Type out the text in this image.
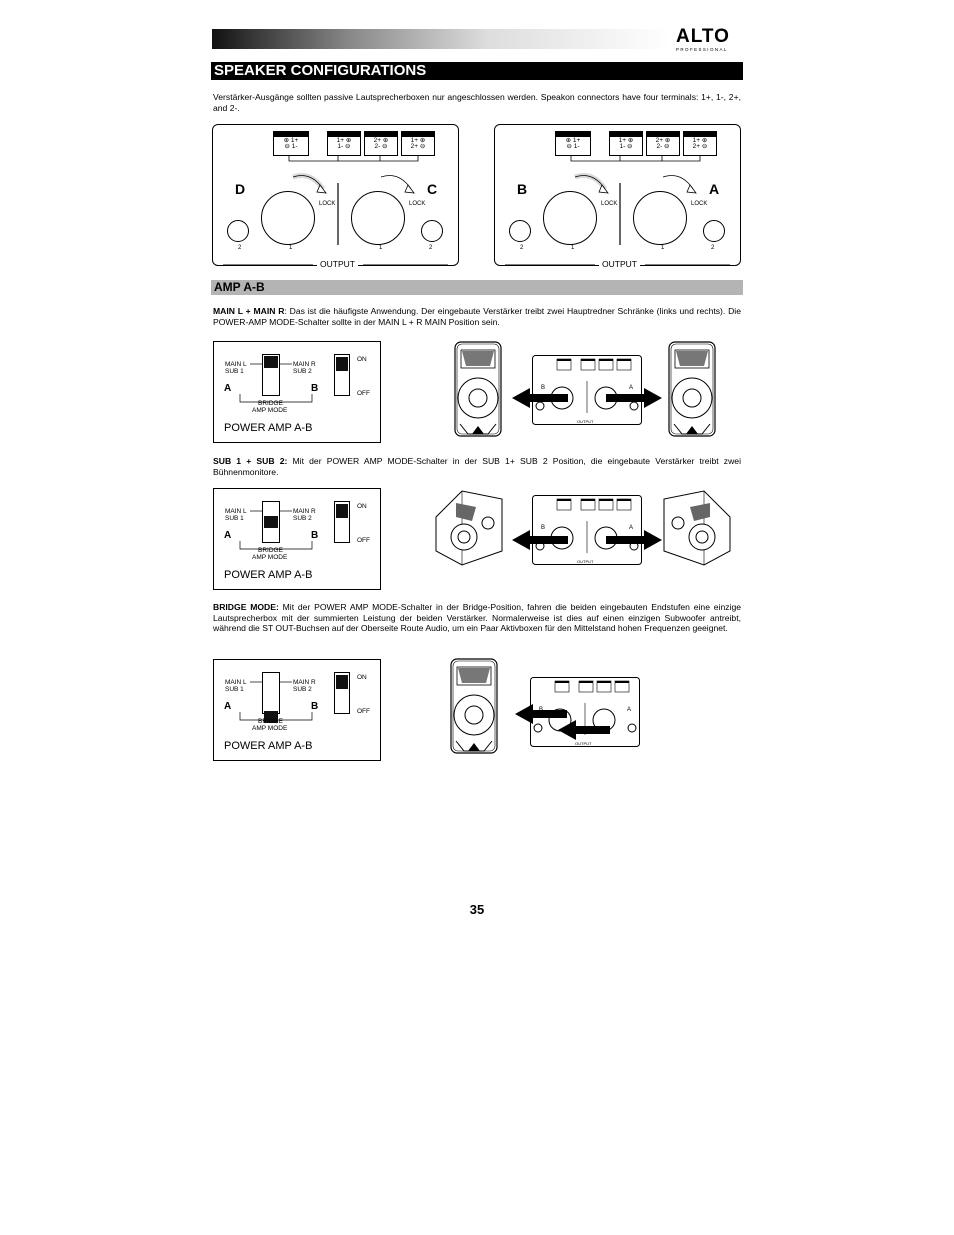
ALTO
PROFESSIONAL
SPEAKER CONFIGURATIONS
Verstärker-Ausgänge sollten passive Lautsprecherboxen nur angeschlossen werden. Speakon connectors have four terminals: 1+, 1-, 2+, and 2-.
⊕ 1+
⊖ 1-
1+ ⊕
1- ⊖
2+ ⊕
2- ⊖
1+ ⊕
2+ ⊖
LOCK	LOCK
2	1	1	2
D	C
OUTPUT
⊕ 1+
⊖ 1-
1+ ⊕
1- ⊖
2+ ⊕
2- ⊖
1+ ⊕
2+ ⊖
LOCK	LOCK
2	1	1	2
B	A
OUTPUT
AMP A-B
MAIN L + MAIN R: Das ist die häufigste Anwendung. Der eingebaute Verstärker treibt zwei Hauptredner Schränke (links und rechts). Die POWER-AMP MODE-Schalter sollte in der MAIN L + R MAIN Position sein.
SUB 1 + SUB 2: Mit der POWER AMP MODE-Schalter in der SUB 1+ SUB 2 Position, die eingebaute Verstärker treibt zwei Bühnenmonitore.
BRIDGE MODE: Mit der POWER AMP MODE-Schalter in der Bridge-Position, fahren die beiden eingebauten Endstufen eine einzige Lautsprecherbox mit der summierten Leistung der beiden Verstärker. Normalerweise ist dies auf einen einzigen Subwoofer antreibt, während die ST OUT-Buchsen auf der Oberseite Route Audio, um ein Paar Aktivboxen für den Mittelstand hohen Frequenzen geeignet.
MAIN L
SUB 1
MAIN R
SUB 2
A	B
BRIDGE
AMP MODE
ON
OFF
POWER AMP A-B
MAIN L
SUB 1
MAIN R
SUB 2
A	B
BRIDGE
AMP MODE
ON
OFF
POWER AMP A-B
MAIN L
SUB 1
MAIN R
SUB 2
A	B
BRIDGE
AMP MODE
ON
OFF
POWER AMP A-B
B	A
OUTPUT
B	A
OUTPUT
A
OUTPUT
35
